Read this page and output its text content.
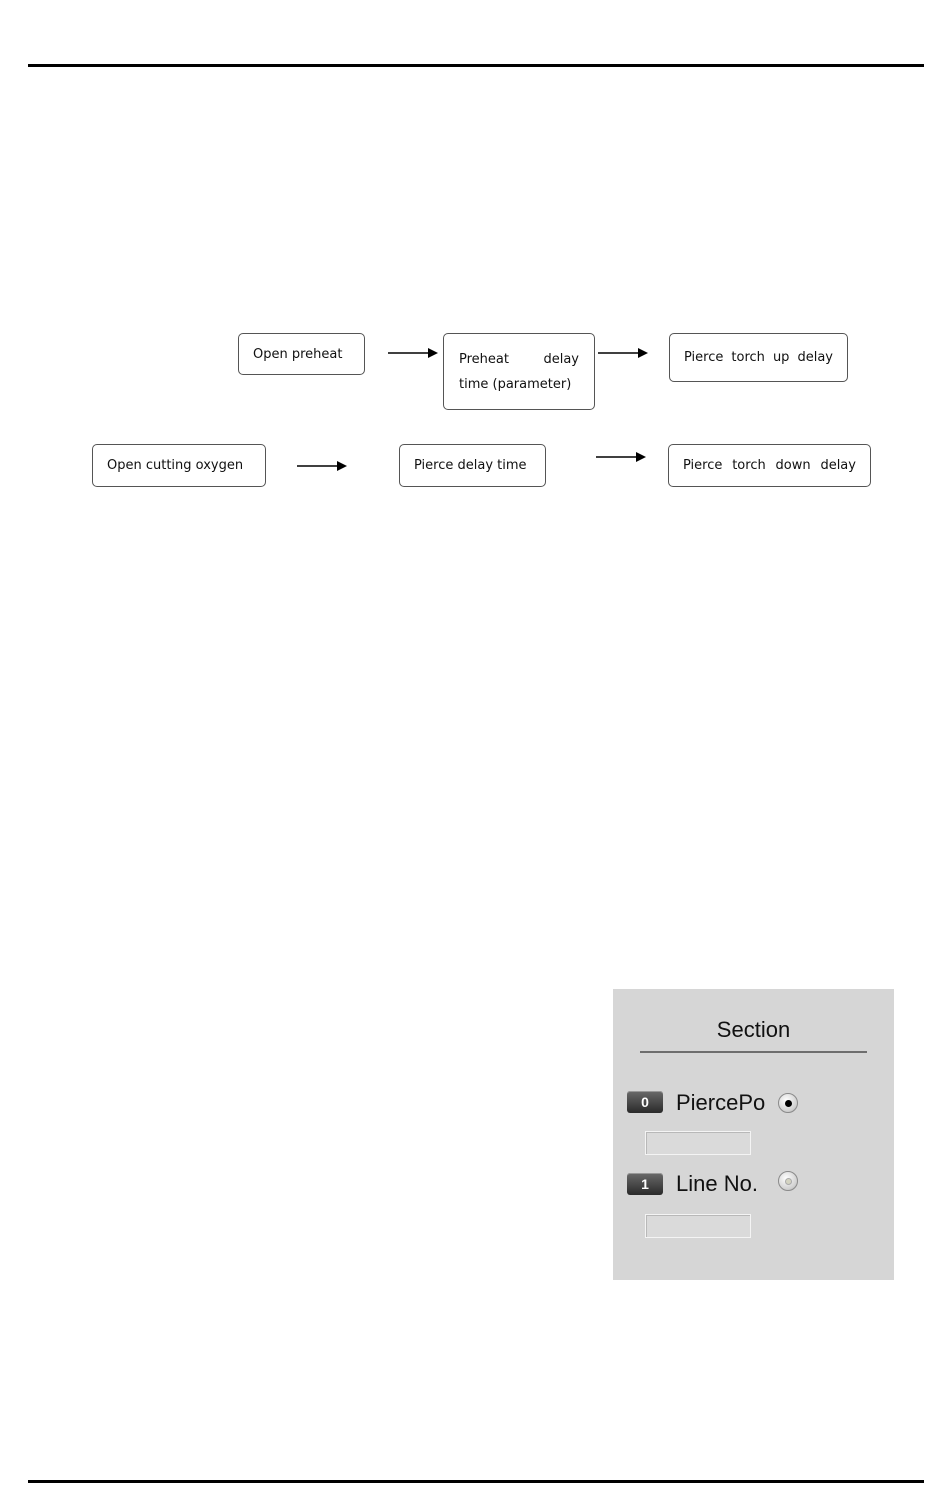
Open preheat	Preheat	delay
time (parameter)
Pierce torch up delay
Open cutting oxygen	Pierce delay time	Pierce torch down delay
Section
0 PiercePo
1 Line No.
